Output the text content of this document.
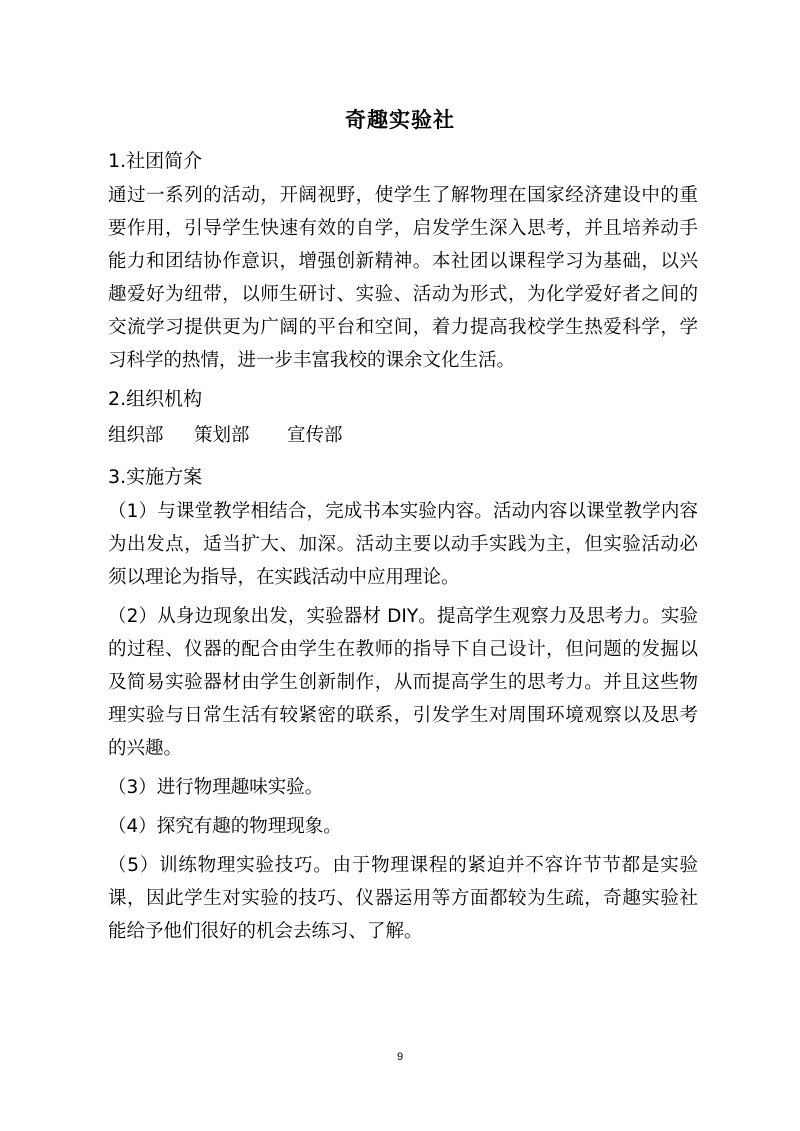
奇趣实验社
1.社团简介

通过一系列的活动，开阔视野，使学生了解物理在国家经济建设中的重要作用，引导学生快速有效的自学，启发学生深入思考，并且培养动手能力和团结协作意识，增强创新精神。本社团以课程学习为基础，以兴趣爱好为纽带，以师生研讨、实验、活动为形式，为化学爱好者之间的交流学习提供更为广阔的平台和空间，着力提高我校学生热爱科学，学习科学的热情，进一步丰富我校的课余文化生活。

2.组织机构
组织部	策划部	宣传部
3.实施方案

（1）与课堂教学相结合，完成书本实验内容。活动内容以课堂教学内容为出发点，适当扩大、加深。活动主要以动手实践为主，但实验活动必须以理论为指导，在实践活动中应用理论。

（2）从身边现象出发，实验器材 DIY。提高学生观察力及思考力。实验的过程、仪器的配合由学生在教师的指导下自己设计，但问题的发掘以及简易实验器材由学生创新制作，从而提高学生的思考力。并且这些物理实验与日常生活有较紧密的联系，引发学生对周围环境观察以及思考的兴趣。

（3）进行物理趣味实验。

（4）探究有趣的物理现象。

（5）训练物理实验技巧。由于物理课程的紧迫并不容许节节都是实验课，因此学生对实验的技巧、仪器运用等方面都较为生疏，奇趣实验社能给予他们很好的机会去练习、了解。

9
